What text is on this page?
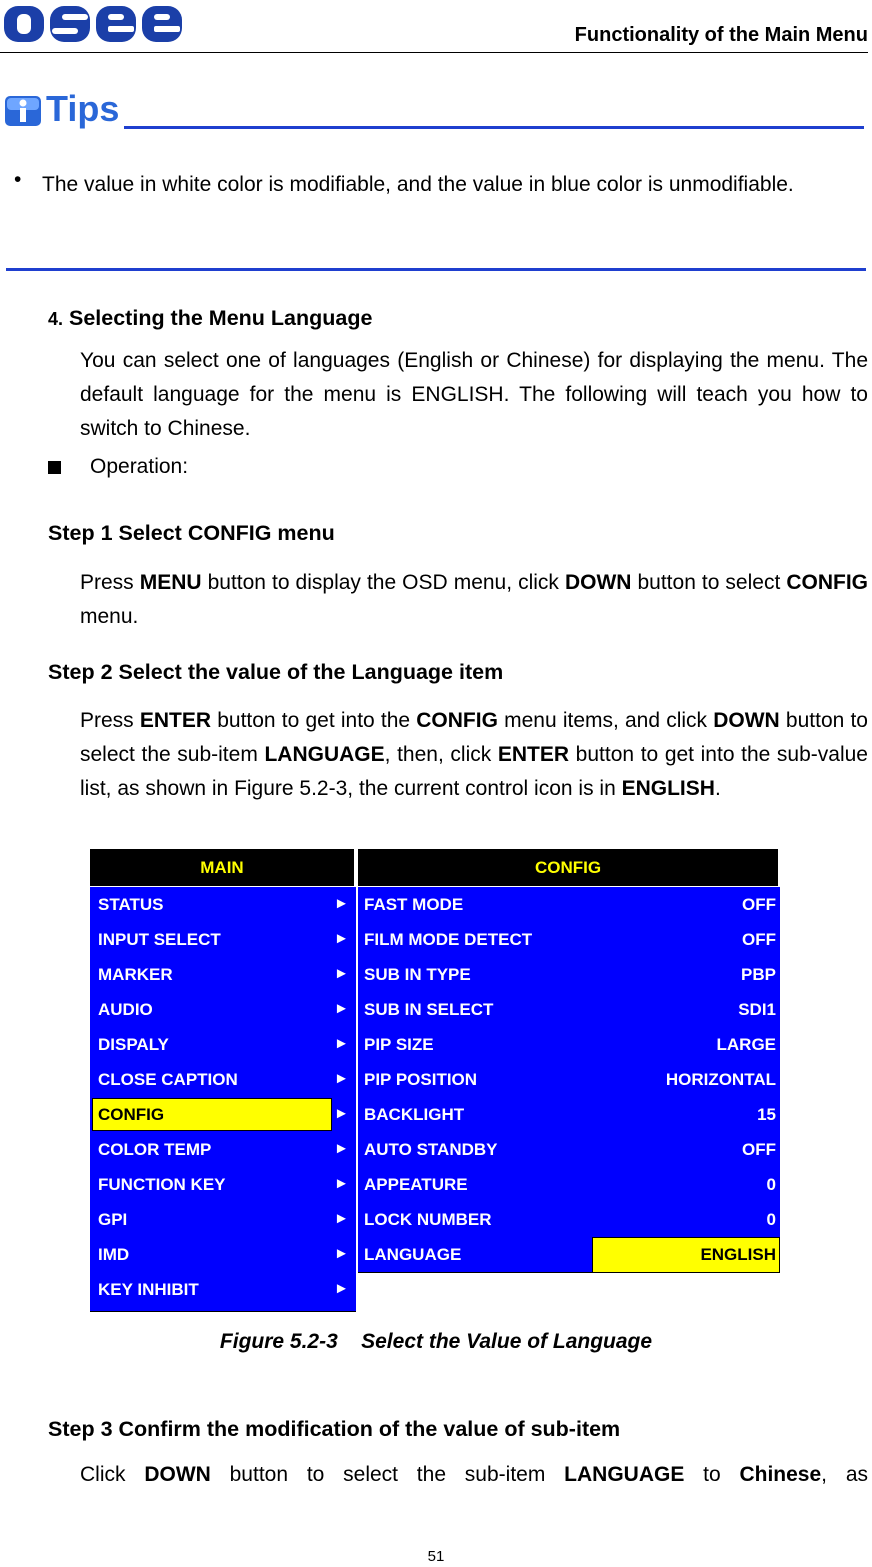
Functionality of the Main Menu
Tips
• The value in white color is modifiable, and the value in blue color is unmodifiable.
4. Selecting the Menu Language
You can select one of languages (English or Chinese) for displaying the menu. The default language for the menu is ENGLISH. The following will teach you how to switch to Chinese.
Operation:
Step 1 Select CONFIG menu
Press MENU button to display the OSD menu, click DOWN button to select CONFIG menu.
Step 2 Select the value of the Language item
Press ENTER button to get into the CONFIG menu items, and click DOWN button to select the sub-item LANGUAGE, then, click ENTER button to get into the sub-value list, as shown in Figure 5.2-3, the current control icon is in ENGLISH.
MAIN	CONFIG
STATUS	►
INPUT SELECT	►
MARKER	►
AUDIO	►
DISPALY	►
CLOSE CAPTION	►
CONFIG	►
COLOR TEMP	►
FUNCTION KEY	►
GPI	►
IMD	►
KEY INHIBIT	►
FAST MODE	OFF
FILM MODE DETECT	OFF
SUB IN TYPE	PBP
SUB IN SELECT	SDI1
PIP SIZE	LARGE
PIP POSITION	HORIZONTAL
BACKLIGHT	15
AUTO STANDBY	OFF
APPEATURE	0
LOCK NUMBER	0
LANGUAGE	ENGLISH
Figure 5.2-3    Select the Value of Language
Step 3 Confirm the modification of the value of sub-item
Click DOWN button to select the sub-item LANGUAGE to Chinese, as
51
